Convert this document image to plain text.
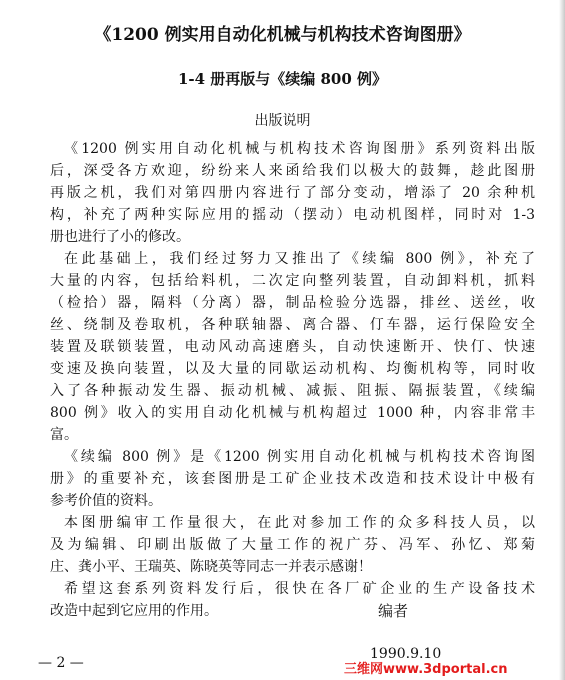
《1200 例实用自动化机械与机构技术咨询图册》
1-4 册再版与《续编 800 例》
出版说明
《1200 例实用自动化机械与机构技术咨询图册》系列资料出版
后，深受各方欢迎，纷纷来人来函给我们以极大的鼓舞，趁此图册
再版之机，我们对第四册内容进行了部分变动，增添了 20 余种机
构，补充了两种实际应用的摇动（摆动）电动机图样，同时对 1-3
册也进行了小的修改。
在此基础上，我们经过努力又推出了《续编 800 例》，补充了
大量的内容，包括给料机，二次定向整列装置，自动卸料机，抓料
（检拾）器，隔料（分离）器，制品检验分选器，排丝、送丝，收
丝、绕制及卷取机，各种联轴器、离合器、仃车器，运行保险安全
装置及联锁装置，电动风动高速磨头，自动快速断开、快仃、快速
变速及换向装置，以及大量的同歇运动机构、均衡机构等，同时收
入了各种振动发生器、振动机械、减振、阻振、隔振装置，《续编
800 例》收入的实用自动化机械与机构超过 1000 种，内容非常丰
富。
《续编 800 例》是《1200 例实用自动化机械与机构技术咨询图
册》的重要补充，该套图册是工矿企业技术改造和技术设计中极有
参考价值的资料。
本图册编审工作量很大，在此对参加工作的众多科技人员，以
及为编辑、印刷出版做了大量工作的祝广芬、冯军、孙忆、郑菊
庄、龚小平、王瑞英、陈晓英等同志一并表示感谢！
希望这套系列资料发行后，很快在各厂矿企业的生产设备技术
改造中起到它应用的作用。	编者
1990.9.10
— 2 —	三维网www.3dportal.cn
